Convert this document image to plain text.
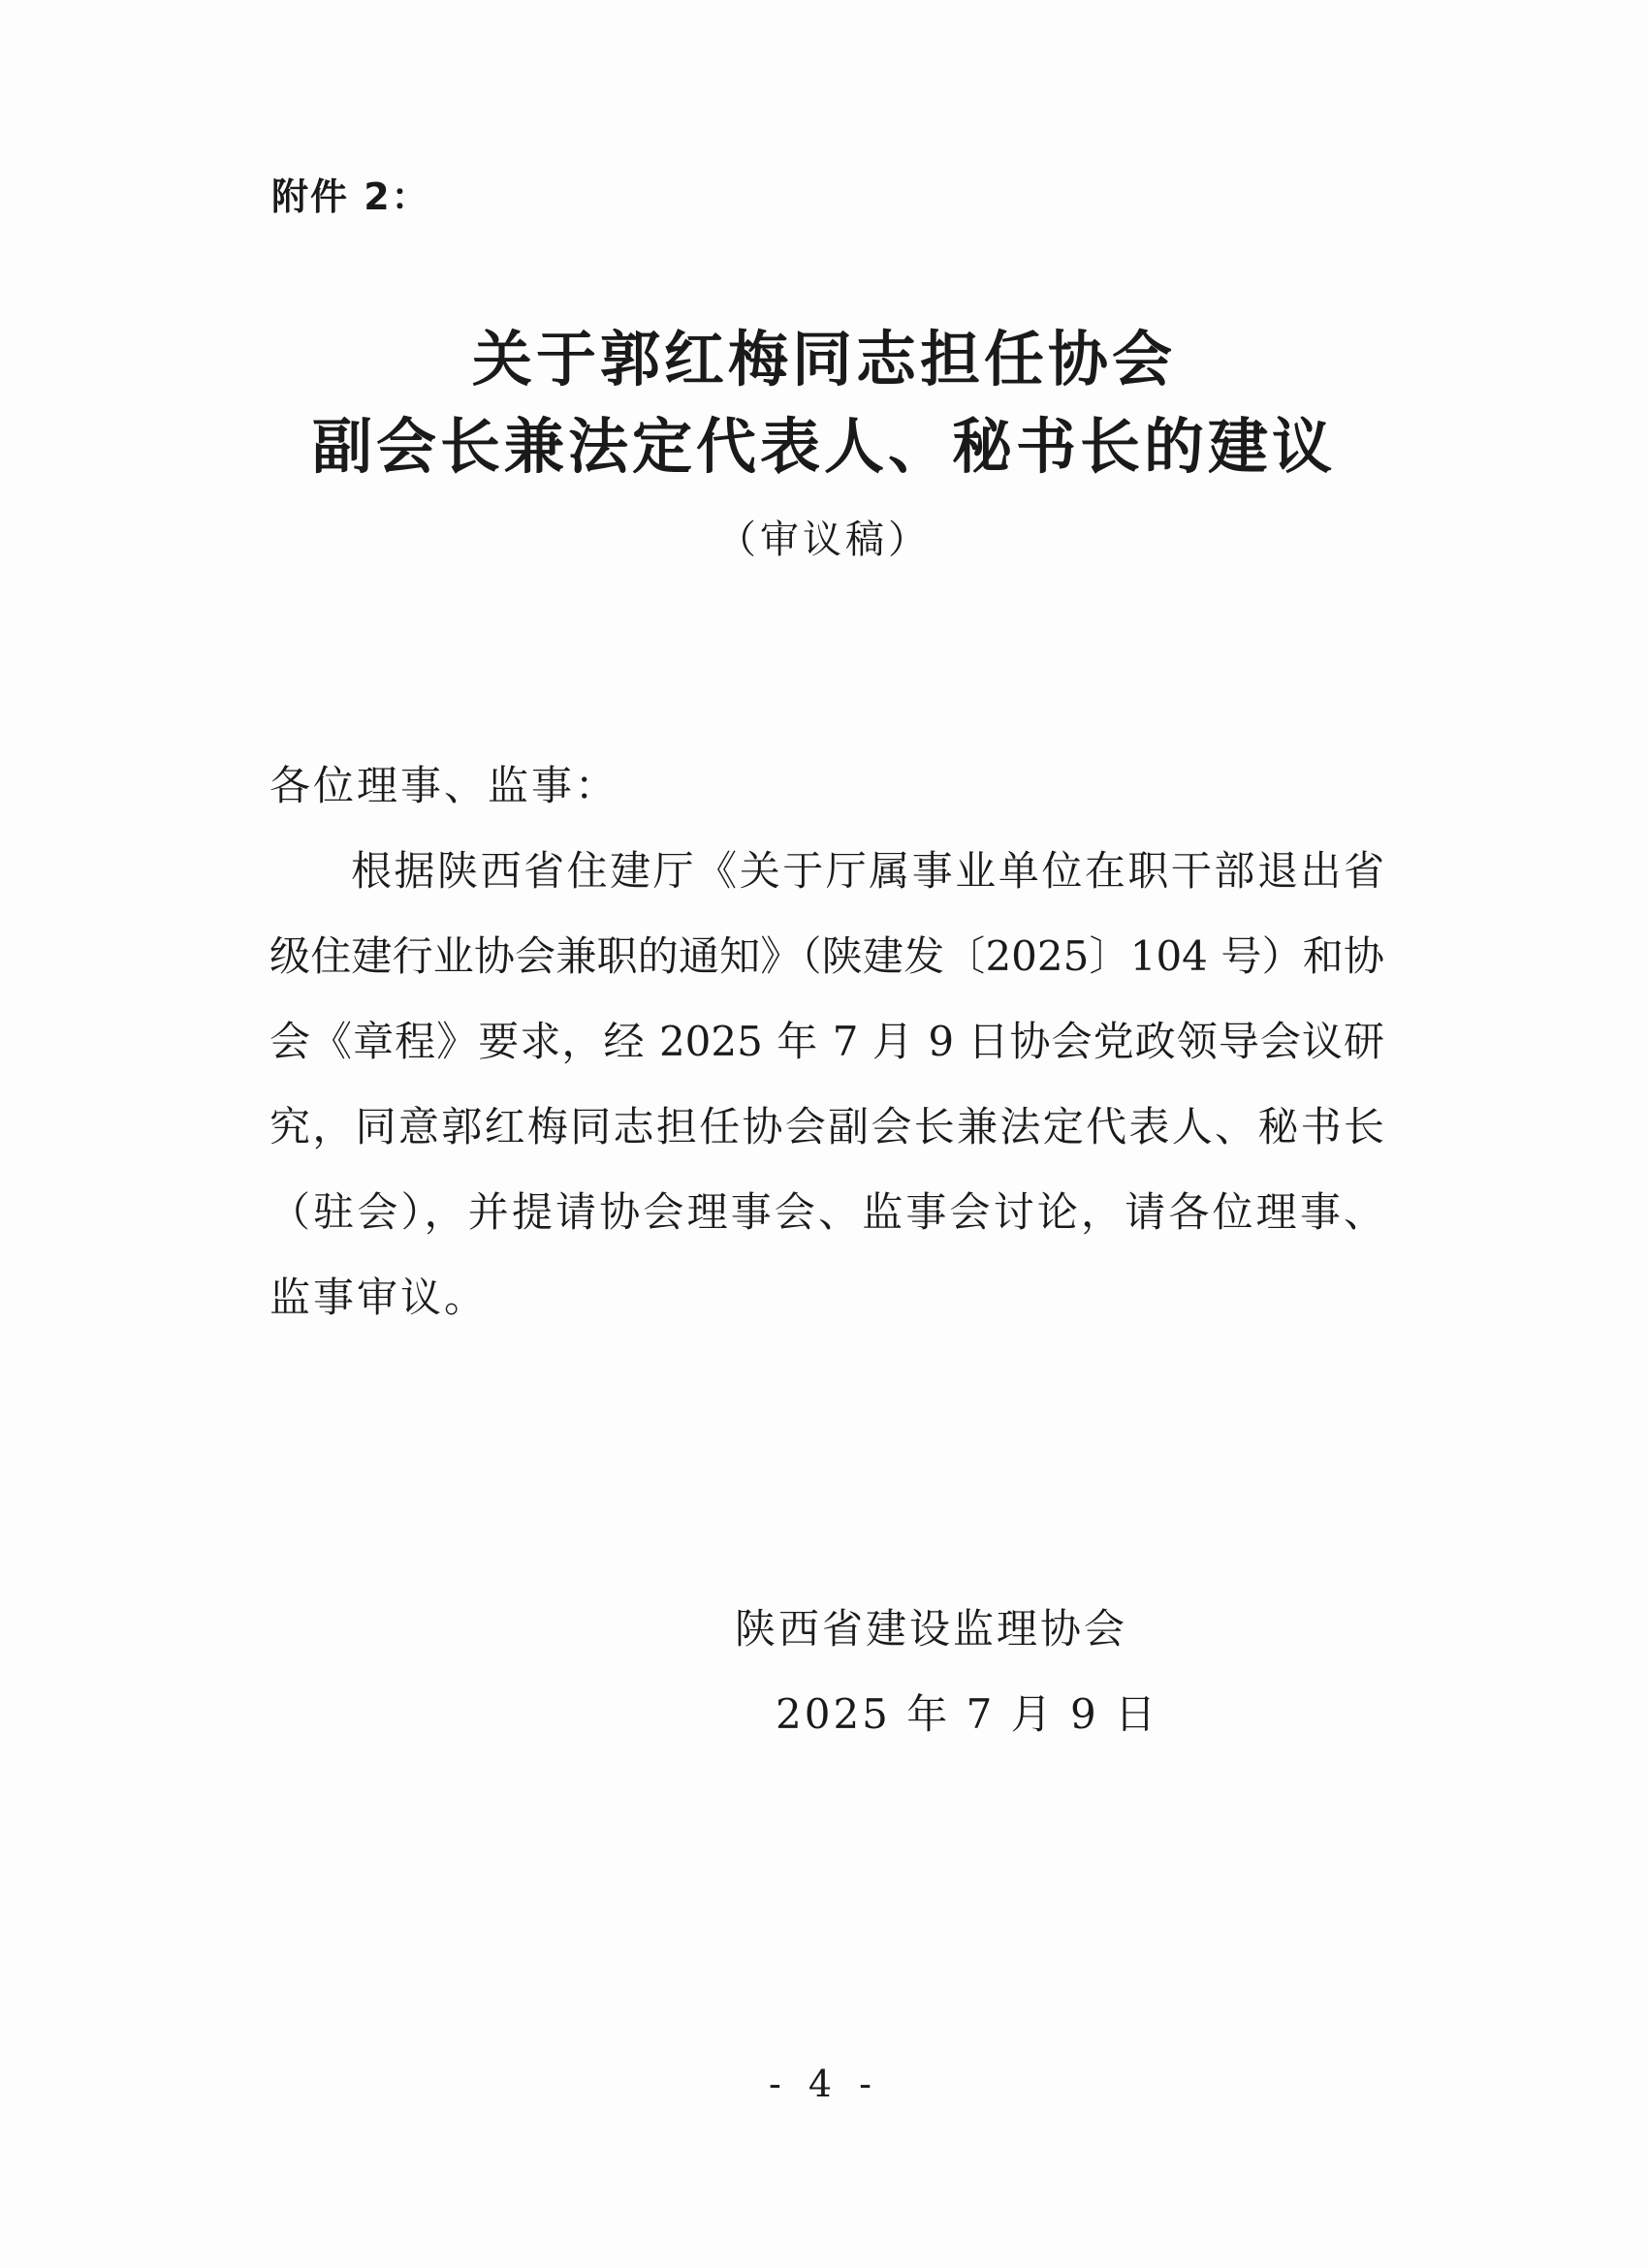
附件 2：
关于郭红梅同志担任协会
副会长兼法定代表人、秘书长的建议
（审议稿）
各位理事、监事：
根据陕西省住建厅《关于厅属事业单位在职干部退出省
级住建行业协会兼职的通知》（陕建发〔2025〕104 号）和协
会《章程》要求，经 2025 年 7 月 9 日协会党政领导会议研
究，同意郭红梅同志担任协会副会长兼法定代表人、秘书长
（驻会），并提请协会理事会、监事会讨论，请各位理事、
监事审议。
陕西省建设监理协会
2025 年 7 月 9 日
- 4 -
